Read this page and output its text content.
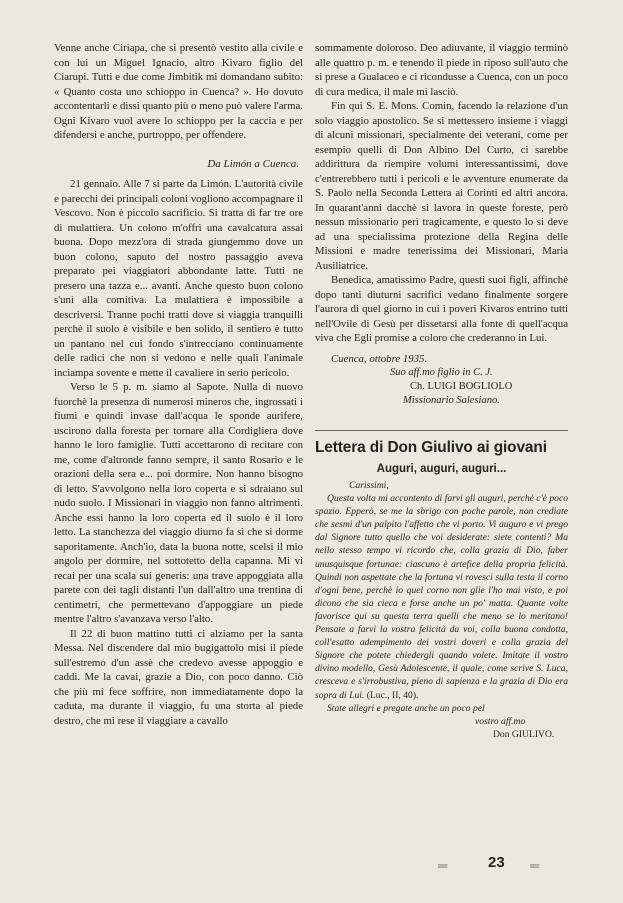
Venne anche Ciriapa, che si presentò vestito alla civile e con lui un Miguel Ignacio, altro Kivaro figlio del Ciarupi. Tutti e due come Jimbitik mi domandano subito: « Quanto costa uno schioppo in Cuenca? ». Ho dovuto accontentarli e dissi quanto più o meno può valere l'arma. Ogni Kivaro vuol avere lo schioppo per la caccia e per difendersi e anche, purtroppo, per offendere.

Da Limón a Cuenca.

21 gennaio. Alle 7 si parte da Limón. L'autorità civile e parecchi dei principali coloni vogliono accompagnare il Vescovo. Non è piccolo sacrificio. Si tratta di far tre ore di mulattiera. Un colono m'offrì una cavalcatura assai buona. Dopo mezz'ora di strada giungemmo dove un buon colono, saputo del nostro passaggio aveva preparato pei viaggiatori abbondante latte. Tutti ne presero una tazza e... avanti. Anche questo buon colono s'unì alla comitiva. La mulattiera è impossibile a descriversi. Tranne pochi tratti dove si viaggia tranquilli perchè il suolo è visibile e ben solido, il sentiero è tutto un pantano nel cui fondo s'intrecciano continuamente delle radici che non si vedono e nelle quali l'animale inciampa sovente e mette il cavaliere in serio pericolo.

Verso le 5 p. m. siamo al Sapote. Nulla di nuovo fuorchè la presenza di numerosi mineros che, ingrossati i fiumi e quindi invase dall'acqua le sponde aurifere, uscirono dalla foresta per tornare alla Cordigliera dove hanno le loro famiglie. Tutti accettarono di recitare con me, come d'altronde fanno sempre, il santo Rosario e le orazioni della sera e... poi dormire. Non hanno bisogno di letto. S'avvolgono nella loro coperta e si sdraiano sul nudo suolo. I Missionari in viaggio non fanno altrimenti. Anche essi hanno la loro coperta ed il suolo è il loro letto. La stanchezza del viaggio diurno fa sì che si dorme saporitamente. Anch'io, data la buona notte, scelsi il mio angolo per dormire, nel sottotetto della capanna. Mi vi recai per una scala sui generis: una trave appoggiata alla parete con dei tagli distanti l'un dall'altro una trentina di centimetri, che permettevano d'appoggiare un piede mentre l'altro s'avanzava verso l'alto.

Il 22 di buon mattino tutti ci alziamo per la santa Messa. Nel discendere dal mio bugigattolo misi il piede sull'estremo d'un assè che credevo avesse appoggio e caddi. Me la cavai, grazie a Dio, con poco danno. Ciò che più mi fece soffrire, non immediatamente dopo la caduta, ma durante il viaggio, fu una storta al piede destro, che mi rese il viaggiare a cavallo

sommamente doloroso. Deo adiuvante, il viaggio terminò alle quattro p. m. e tenendo il piede in riposo sull'auto che si prese a Gualaceo e ci ricondusse a Cuenca, con un poco di cura medica, il male mi lasciò.

Fin qui S. E. Mons. Comin, facendo la relazione d'un solo viaggio apostolico. Se si mettessero insieme i viaggi di alcuni missionari, specialmente dei veterani, come per esempio quelli di Don Albino Del Curto, ci sarebbe addirittura da riempire volumi interessantissimi, dove c'entrerebbero tutti i pericoli e le avventure enumerate da S. Paolo nella Seconda Lettera ai Corinti ed altri ancora. In quarant'anni dacchè si lavora in queste foreste, però nessun missionario perì tragicamente, e questo lo si deve ad una specialissima protezione della Regina delle Missioni e madre tenerissima dei Missionari, Maria Ausiliatrice.

Benedica, amatissimo Padre, questi suoi figli, affinchè dopo tanti diuturni sacrifici vedano finalmente sorgere l'aurora di quel giorno in cui i poveri Kivaros entrino tutti nell'Ovile di Gesù per dissetarsi alla fonte di quell'acqua viva che Egli promise a coloro che crederanno in Lui.

Cuenca, ottobre 1935.

Suo aff.mo figlio in C. J.
Ch. LUIGI BOGLIOLO
Missionario Salesiano.
Lettera di Don Giulivo ai giovani
Auguri, auguri, auguri...

Carissimi,

Questa volta mi accontento di farvi gli auguri, perchè c'è poco spazio. Epperò, se me la sbrigo con poche parole, non crediate che sesmi d'un palpito l'affetto che vi porto. Vi auguro e vi prego dal Signore tutto quello che voi desiderate: siete contenti? Ma nello stesso tempo vi ricordo che, colla grazia di Dio, faber unusquisque fortunae: ciascuno è artefice della propria felicità. Quindi non aspettate che la fortuna vi rovesci sulla testa il corno d'ogni bene, perchè io quel corno non glie l'ho mai visto, e poi dicono che sia cieca e forse anche un po' matta. Quante volte favorisce qui su questa terra quelli che meno se lo meritano! Pensate a farvi la vostra felicità da voi, colla buona condotta, coll'esatto adempimento dei vostri doveri e colla grazia del Signore che potete chiedergli quando volete. Imitate il vostro divino modello, Gesù Adolescente, il quale, come scrive S. Luca, cresceva e s'irrobustiva, pieno di sapienza e la grazia di Dio era sopra di Lui. (Luc., II, 40).

State allegri e pregate anche un poco pel

vostro aff.mo

Don GIULIVO.

═	23 ═
